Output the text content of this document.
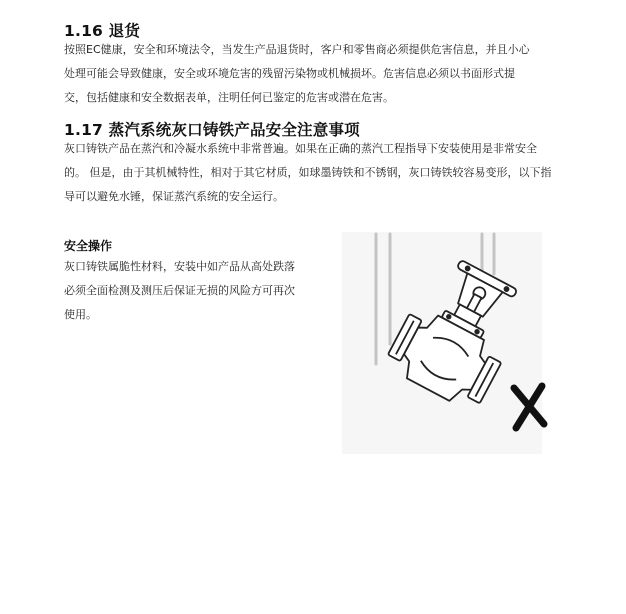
1.16 退货

按照EC健康，安全和环境法令，当发生产品退货时，客户和零售商必须提供危害信息，并且小心
处理可能会导致健康，安全或环境危害的残留污染物或机械损坏。危害信息必须以书面形式提
交，包括健康和安全数据表单，注明任何已鉴定的危害或潜在危害。

1.17 蒸汽系统灰口铸铁产品安全注意事项

灰口铸铁产品在蒸汽和冷凝水系统中非常普遍。如果在正确的蒸汽工程指导下安装使用是非常安全
的。 但是，由于其机械特性，相对于其它材质，如球墨铸铁和不锈钢，灰口铸铁较容易变形，以下指
导可以避免水锤，保证蒸汽系统的安全运行。

安全操作

灰口铸铁属脆性材料，安装中如产品从高处跌落
必须全面检测及测压后保证无损的风险方可再次
使用。
